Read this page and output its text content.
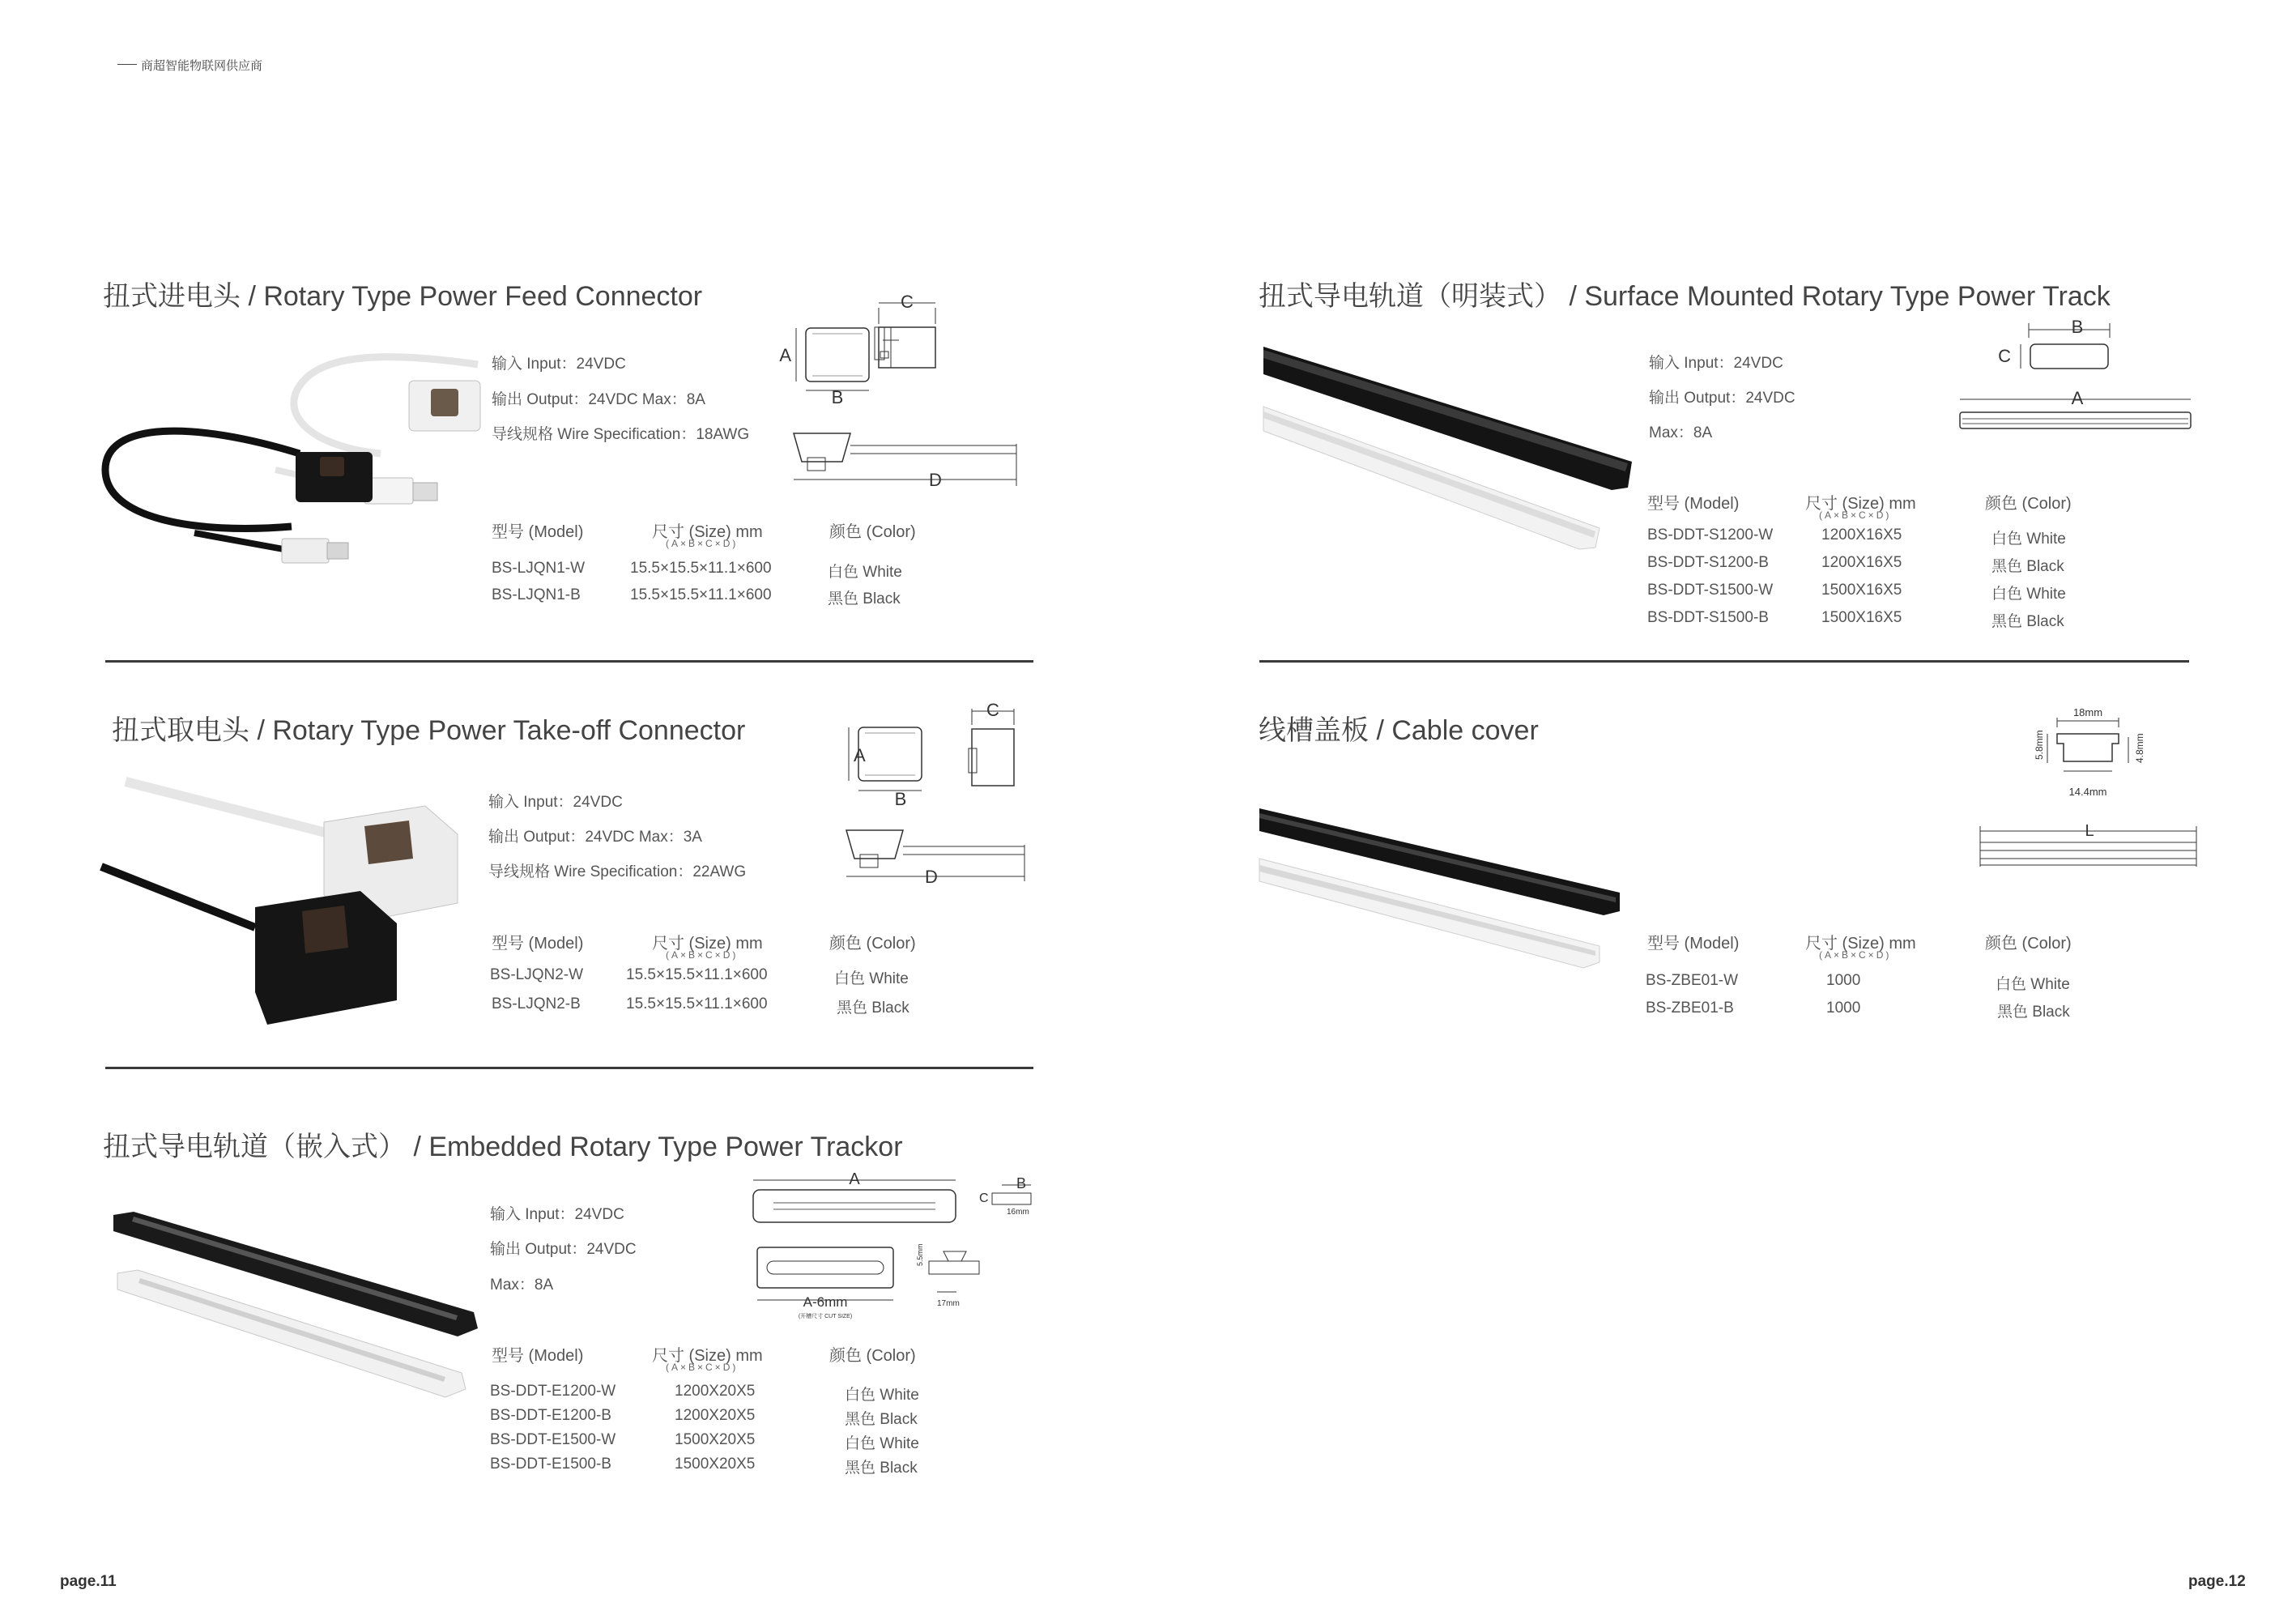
商超智能物联网供应商
扭式进电头 / Rotary Type Power Feed Connector
输入 Input：24VDC
输出 Output：24VDC Max：8A
导线规格 Wire Specification：18AWG
C
A
B
D
型号 (Model)	尺寸 (Size) mm
(A×B×C×D)
颜色 (Color)
BS-LJQN1-W	15.5×15.5×11.1×600	白色 White
BS-LJQN1-B	15.5×15.5×11.1×600	黑色 Black
扭式取电头 / Rotary Type Power Take-off Connector
输入 Input：24VDC
输出 Output：24VDC Max：3A
导线规格 Wire Specification：22AWG
A
B
C
D
型号 (Model)	尺寸 (Size) mm
(A×B×C×D)
颜色 (Color)
BS-LJQN2-W	15.5×15.5×11.1×600	白色 White
BS-LJQN2-B	15.5×15.5×11.1×600	黑色 Black
扭式导电轨道（嵌入式） / Embedded Rotary Type Power Trackor
输入 Input：24VDC
输出 Output：24VDC
Max：8A
A	B
C
16mm
A-6mm
(开槽尺寸 CUT SIZE)
5.5mm
17mm
型号 (Model)	尺寸 (Size) mm
(A×B×C×D)
颜色 (Color)
BS-DDT-E1200-W	1200X20X5	白色 White
BS-DDT-E1200-B	1200X20X5	黑色 Black
BS-DDT-E1500-W	1500X20X5	白色 White
BS-DDT-E1500-B	1500X20X5	黑色 Black
page.11
扭式导电轨道（明装式） / Surface Mounted Rotary Type Power Track
输入 Input：24VDC
输出 Output：24VDC
Max：8A
B
C
A
型号 (Model)	尺寸 (Size) mm
(A×B×C×D)
颜色 (Color)
BS-DDT-S1200-W	1200X16X5	白色 White
BS-DDT-S1200-B	1200X16X5	黑色 Black
BS-DDT-S1500-W	1500X16X5	白色 White
BS-DDT-S1500-B	1500X16X5	黑色 Black
线槽盖板 / Cable cover
18mm
5.8mm	4.8mm
14.4mm
L
型号 (Model)	尺寸 (Size) mm
(A×B×C×D)
颜色 (Color)
BS-ZBE01-W	1000	白色 White
BS-ZBE01-B	1000	黑色 Black
page.12
